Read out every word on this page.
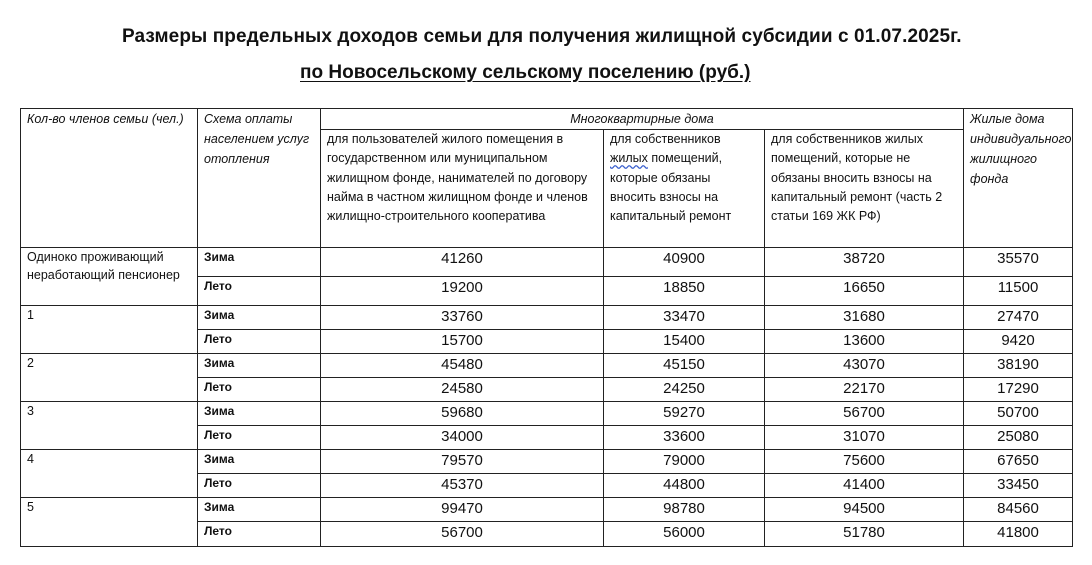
Размеры предельных доходов семьи для получения жилищной субсидии с 01.07.2025г.
по Новосельскому сельскому поселению (руб.)
Кол-во членов семьи (чел.)	Схема оплаты населением услуг отопления	Многоквартирные дома			Жилые дома индивидуального жилищного фонда
		для пользователей жилого помещения в государственном или муниципальном жилищном фонде, нанимателей по договору найма в частном жилищном фонде и членов жилищно-строительного кооператива	для собственников жилых помещений, которые обязаны вносить взносы на капитальный ремонт	для собственников жилых помещений, которые не обязаны вносить взносы на капитальный ремонт (часть 2 статьи 169 ЖК РФ)	
Одиноко проживающий неработающий пенсионер	Зима	41260	40900	38720	35570
	Лето	19200	18850	16650	11500
1	Зима	33760	33470	31680	27470
	Лето	15700	15400	13600	9420
2	Зима	45480	45150	43070	38190
	Лето	24580	24250	22170	17290
3	Зима	59680	59270	56700	50700
	Лето	34000	33600	31070	25080
4	Зима	79570	79000	75600	67650
	Лето	45370	44800	41400	33450
5	Зима	99470	98780	94500	84560
	Лето	56700	56000	51780	41800
